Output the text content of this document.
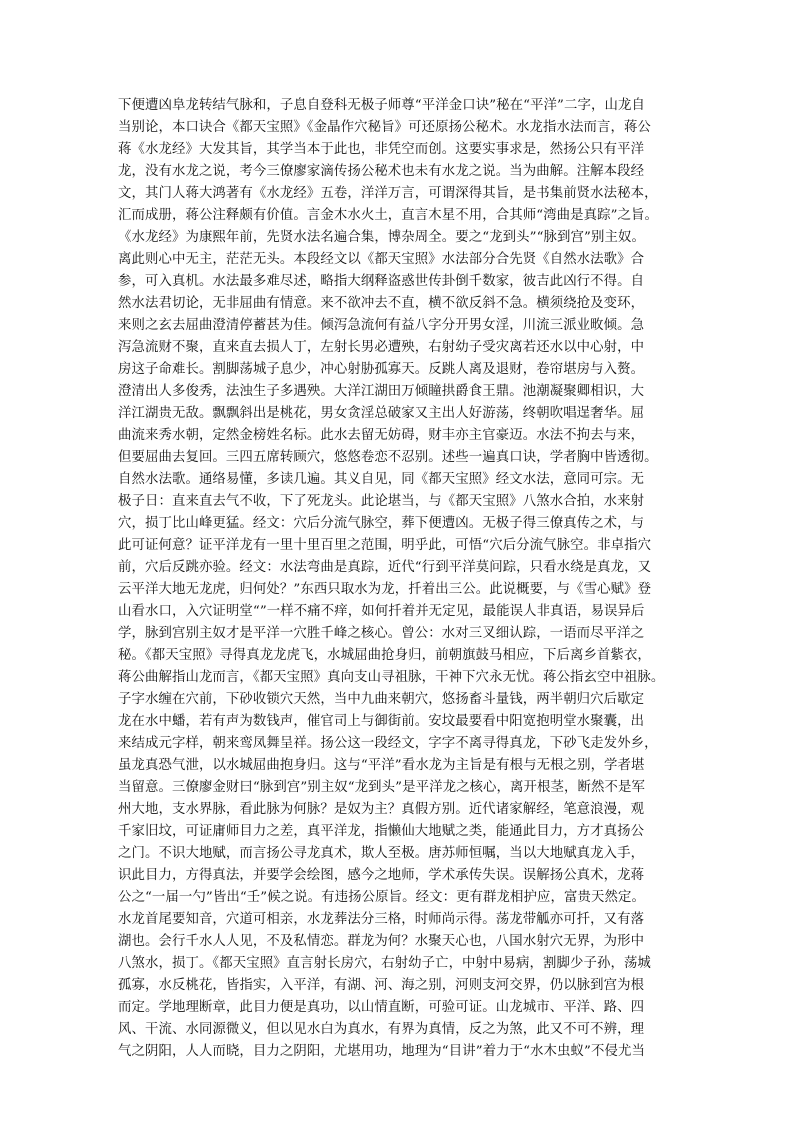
下便遭凶阜龙转结气脉和，子息自登科无极子师尊“平洋金口诀”秘在“平洋”二字，山龙自
当别论，本口诀合《都天宝照》《金晶作穴秘旨》可还原扬公秘术。水龙指水法而言，蒋公
蒋《水龙经》大发其旨，其学当本于此也，非凭空而创。这要实事求是，然扬公只有平洋
龙，没有水龙之说，考今三僚廖家滴传扬公秘术也未有水龙之说。当为曲解。注解本段经
文，其门人蒋大鸿著有《水龙经》五卷，洋洋万言，可谓深得其旨，是书集前贤水法秘本，
汇而成册，蒋公注释颇有价值。言金木水火土，直言木星不用，合其师“湾曲是真踪”之旨。
《水龙经》为康熙年前，先贤水法名遍合集，博杂周全。要之“龙到头”“脉到宫”别主奴。
离此则心中无主，茫茫无头。本段经文以《都天宝照》水法部分合先贤《自然水法歌》合
参，可入真机。水法最多难尽述，略指大纲释盗惑世传卦倒千数家，彼吉此凶行不得。自
然水法君切论，无非屈曲有情意。来不欲冲去不直，横不欲反斜不急。横须绕抢及变环，
来则之玄去屈曲澄清停蓄甚为佳。倾泻急流何有益八字分开男女淫，川流三派业畋倾。急
泻急流财不聚，直来直去损人丁，左射长男必遭殃，右射幼子受灾离若还水以中心射，中
房这子命难长。割脚荡城子息少，冲心射胁孤寡天。反跳人离及退财，卷帘堪房与入赘。
澄清出人多俊秀，法浊生子多遇殃。大洋江湖田万倾瞳拱爵食王鼎。池潮凝聚卿相识，大
洋江湖贵无敌。飘飘斜出是桃花，男女贪淫总破家又主出人好游荡，终朝吹唱逞奢华。屈
曲流来秀水朝，定然金榜姓名标。此水去留无妨碍，财丰亦主官豪迈。水法不拘去与来，
但要屈曲去复回。三四五席转顾穴，悠悠卷恋不忍别。述些一遍真口诀，学者胸中皆透彻。
自然水法歌。通络易懂，多读几遍。其义自见，同《都天宝照》经文水法，意同可宗。无
极子日：直来直去气不收，下了死龙头。此论堪当，与《都天宝照》八煞水合拍，水来射
穴，损丁比山峰更猛。经文：穴后分流气脉空，葬下便遭凶。无极子得三僚真传之术，与
此可证何意？证平洋龙有一里十里百里之范围，明乎此，可悟“穴后分流气脉空。非卓指穴
前，穴后反跳亦验。经文：水法弯曲是真踪，近代“行到平洋莫问踪，只看水绕是真龙，又
云平洋大地无龙虎，归何处？”东西只取水为龙，扦着出三公。此说概要，与《雪心赋》登
山看水口，入穴证明堂“”一样不痛不痒，如何扦着并无定见，最能误人非真语，易误异后
学，脉到宫别主奴才是平洋一穴胜千峰之核心。曾公：水对三叉细认踪，一语而尽平洋之
秘。《都天宝照》寻得真龙龙虎飞，水城屈曲抢身归，前朝旗鼓马相应，下后离乡首紫衣，
蒋公曲解指山龙而言，《都天宝照》真向支山寻祖脉，干神下穴永无忧。蒋公指玄空中祖脉。
子字水缠在穴前，下砂收锁穴天然，当中九曲来朝穴，悠扬畜斗量钱，两半朝归穴后歇定
龙在水中蟠，若有声为数钱声，催官司上与御街前。安坟最要看中阳宽抱明堂水聚囊，出
来结成元字样，朝来鸾凤舞呈祥。扬公这一段经文，字字不离寻得真龙，下砂飞走发外乡，
虽龙真恐气泄，以水城屈曲抱身归。这与“平洋”看水龙为主旨是有根与无根之别，学者堪
当留意。三僚廖金财曰“脉到宫”别主奴“龙到头”是平洋龙之核心，离开根茎，断然不是军
州大地，支水界脉，看此脉为何脉？是奴为主？真假方别。近代诸家解经，笔意浪漫，观
千家旧坟，可证庸师目力之差，真平洋龙，指懒仙大地赋之类，能通此目力，方才真扬公
之门。不识大地赋，而言扬公寻龙真术，欺人至极。唐苏师恒嘱，当以大地赋真龙入手，
识此目力，方得真法，并要学会绘图，感今之地师，学术承传失误。误解扬公真术，龙蒋
公之“一届一勺”皆出“壬”候之说。有违扬公原旨。经文：更有群龙相护应，富贵天然定。
水龙首尾要知音，穴道可相亲，水龙葬法分三格，时师尚示得。荡龙带觚亦可扦，又有落
湖也。会行千水人人见，不及私情恋。群龙为何？水聚天心也，八国水射穴无界，为形中
八煞水，损丁。《都天宝照》直言射长房穴，右射幼子亡，中射中易病，割脚少子孙，荡城
孤寡，水反桃花，皆指实，入平洋，有湖、河、海之别，河则支河交界，仍以脉到宫为根
而定。学地理断章，此目力便是真功，以山情直断，可验可证。山龙城市、平洋、路、四
风、干流、水同源微义，但以见水白为真水，有界为真情，反之为煞，此又不可不辨，理
气之阴阳，人人而晓，目力之阴阳，尤堪用功，地理为“目讲”着力于“水木虫蚁”不侵尤当
